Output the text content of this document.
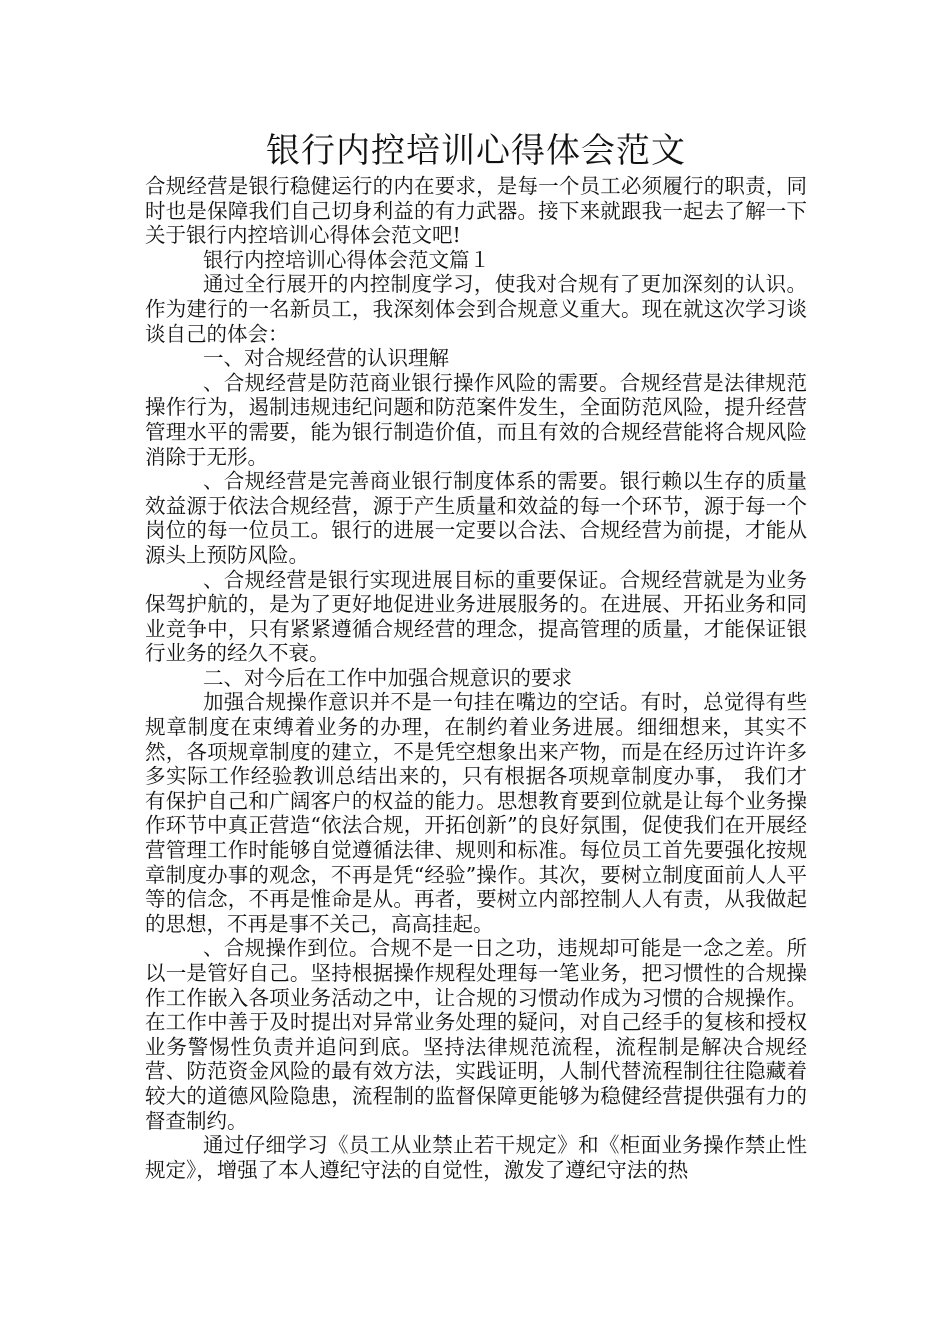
银行内控培训心得体会范文

合规经营是银行稳健运行的内在要求，是每一个员工必须履行的职责，同时也是保障我们自己切身利益的有力武器。接下来就跟我一起去了解一下关于银行内控培训心得体会范文吧!

银行内控培训心得体会范文篇１

通过全行展开的内控制度学习，使我对合规有了更加深刻的认识。作为建行的一名新员工，我深刻体会到合规意义重大。现在就这次学习谈谈自己的体会：

一、对合规经营的认识理解

、合规经营是防范商业银行操作风险的需要。合规经营是法律规范操作行为，遏制违规违纪问题和防范案件发生，全面防范风险，提升经营管理水平的需要，能为银行制造价值，而且有效的合规经营能将合规风险消除于无形。

、合规经营是完善商业银行制度体系的需要。银行赖以生存的质量效益源于依法合规经营，源于产生质量和效益的每一个环节，源于每一个岗位的每一位员工。银行的进展一定要以合法、合规经营为前提，才能从源头上预防风险。

、合规经营是银行实现进展目标的重要保证。合规经营就是为业务保驾护航的，是为了更好地促进业务进展服务的。在进展、开拓业务和同业竞争中，只有紧紧遵循合规经营的理念，提高管理的质量，才能保证银行业务的经久不衰。

二、对今后在工作中加强合规意识的要求

加强合规操作意识并不是一句挂在嘴边的空话。有时，总觉得有些规章制度在束缚着业务的办理，在制约着业务进展。细细想来，其实不然，各项规章制度的建立，不是凭空想象出来产物，而是在经历过许许多多实际工作经验教训总结出来的，只有根据各项规章制度办事， 我们才有保护自己和广阔客户的权益的能力。思想教育要到位就是让每个业务操作环节中真正营造“依法合规，开拓创新”的良好氛围，促使我们在开展经营管理工作时能够自觉遵循法律、规则和标准。每位员工首先要强化按规章制度办事的观念，不再是凭“经验”操作。其次，要树立制度面前人人平等的信念，不再是惟命是从。再者，要树立内部控制人人有责，从我做起的思想，不再是事不关己，高高挂起。

、合规操作到位。合规不是一日之功，违规却可能是一念之差。所以一是管好自己。坚持根据操作规程处理每一笔业务，把习惯性的合规操作工作嵌入各项业务活动之中，让合规的习惯动作成为习惯的合规操作。在工作中善于及时提出对异常业务处理的疑问，对自己经手的复核和授权业务警惕性负责并追问到底。坚持法律规范流程，流程制是解决合规经营、防范资金风险的最有效方法，实践证明，人制代替流程制往往隐藏着较大的道德风险隐患，流程制的监督保障更能够为稳健经营提供强有力的督查制约。

通过仔细学习《员工从业禁止若干规定》和《柜面业务操作禁止性规定》，增强了本人遵纪守法的自觉性，激发了遵纪守法的热
